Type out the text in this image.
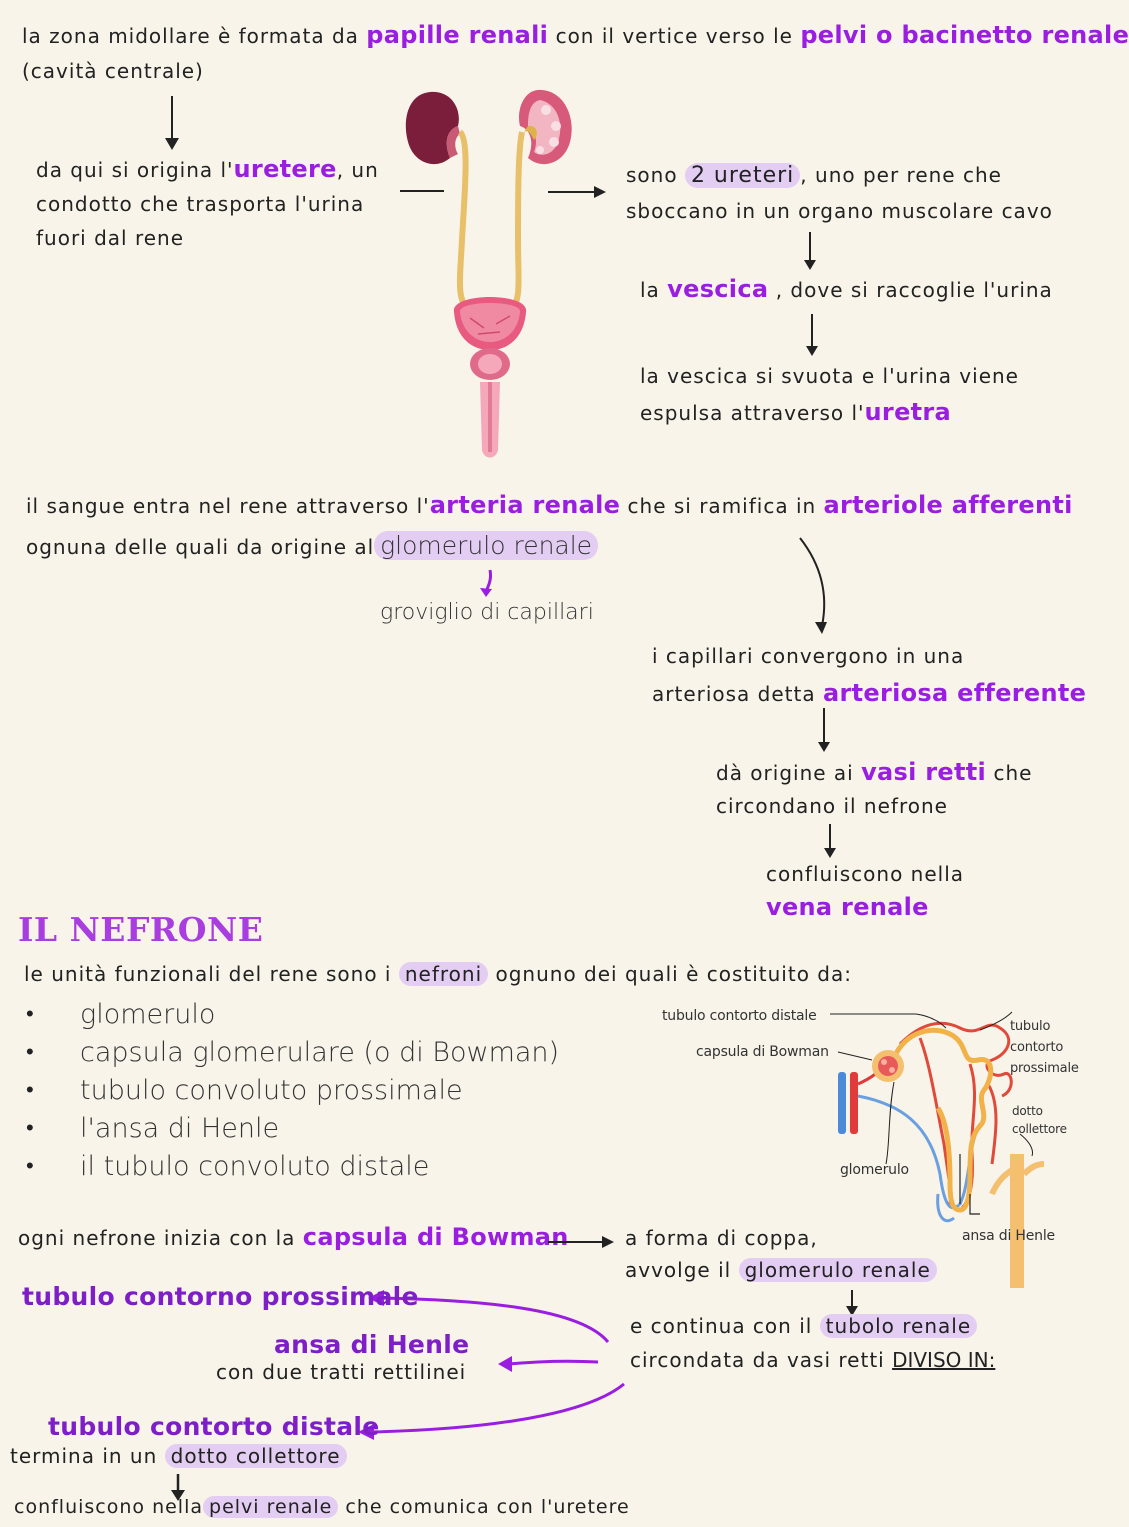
la zona midollare è formata da papille renali con il vertice verso le pelvi o bacinetto renale
(cavità centrale)
da qui si origina l'uretere, un
condotto che trasporta l'urina
fuori dal rene
sono 2 ureteri , uno per rene che
sboccano in un organo muscolare cavo
la vescica , dove si raccoglie l'urina
la vescica si svuota e l'urina viene
espulsa attraverso l'uretra
il sangue entra nel rene attraverso l'arteria renale che si ramifica in arteriole afferenti
ognuna delle quali da origine al glomerulo renale
groviglio di capillari
i capillari convergono in una
arteriosa detta arteriosa efferente
dà origine ai vasi retti che
circondano il nefrone
confluiscono nella
vena renale
IL NEFRONE
le unità funzionali del rene sono i nefroni ognuno dei quali è costituito da:
• glomerulo
• capsula glomerulare (o di Bowman)
• tubulo convoluto prossimale
• l'ansa di Henle
• il tubulo convoluto distale
tubulo contorto distale
capsula di Bowman
tubulo
contorto
prossimale
dotto
collettore
glomerulo
ansa di Henle
ogni nefrone inizia con la capsula di Bowman	a forma di coppa,
avvolge il glomerulo renale
e continua con il tubolo renale
circondata da vasi retti DIVISO IN:
tubulo contorno prossimale
ansa di Henle
con due tratti rettilinei
tubulo contorto distale
termina in un dotto collettore
confluiscono nella pelvi renale che comunica con l'uretere
